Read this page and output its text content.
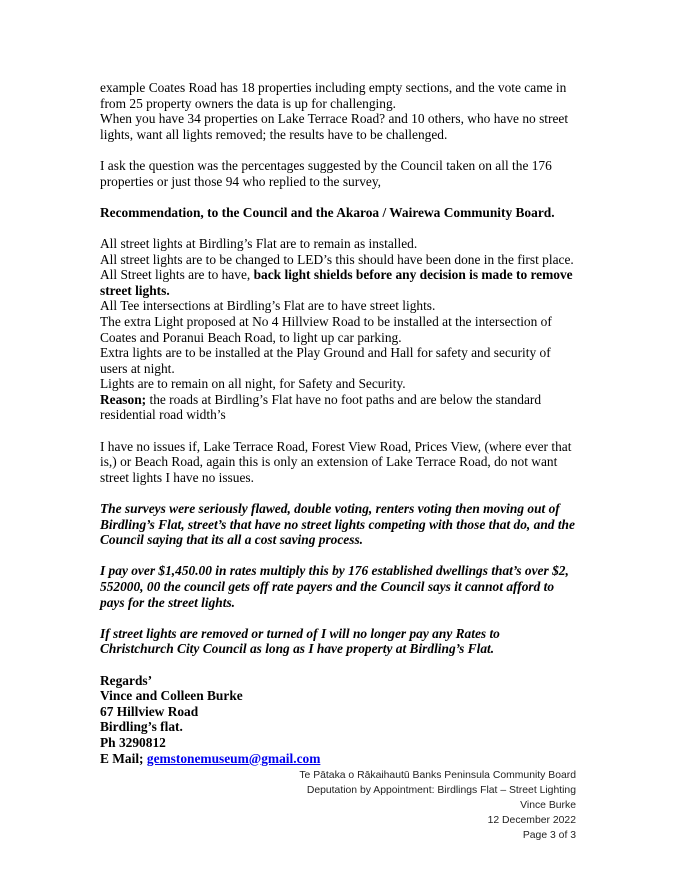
example Coates Road has 18 properties including empty sections, and the vote came in from 25 property owners the data is up for challenging.

When you have 34 properties on Lake Terrace Road? and 10 others, who have no street lights, want all lights removed; the results have to be challenged.

I ask the question was the percentages suggested by the Council taken on all the 176 properties or just those 94 who replied to the survey,

Recommendation, to the Council and the Akaroa / Wairewa Community Board.

All street lights at Birdling’s Flat are to remain as installed.

All street lights are to be changed to LED’s this should have been done in the first place.

All Street lights are to have, back light shields before any decision is made to remove street lights.

All Tee intersections at Birdling’s Flat are to have street lights.

The extra Light proposed at No 4 Hillview Road to be installed at the intersection of Coates and Poranui Beach Road, to light up car parking.

Extra lights are to be installed at the Play Ground and Hall for safety and security of users at night.

Lights are to remain on all night, for Safety and Security.

Reason; the roads at Birdling’s Flat have no foot paths and are below the standard residential road width’s

I have no issues if, Lake Terrace Road, Forest View Road, Prices View, (where ever that is,) or Beach Road, again this is only an extension of Lake Terrace Road, do not want street lights I have no issues.

The surveys were seriously flawed, double voting, renters voting then moving out of Birdling’s Flat, street’s that have no street lights competing with those that do, and the Council saying that its all a cost saving process.

I pay over $1,450.00 in rates multiply this by 176 established dwellings that’s over $2, 552000, 00 the council gets off rate payers and the Council says it cannot afford to pays for the street lights.

If street lights are removed or turned of I will no longer pay any Rates to Christchurch City Council as long as I have property at Birdling’s Flat.

Regards’

Vince and Colleen Burke

67 Hillview Road

Birdling’s flat.

Ph 3290812

E Mail; gemstonemuseum@gmail.com

Te Pātaka o Rākaihautū Banks Peninsula Community Board
Deputation by Appointment: Birdlings Flat – Street Lighting
Vince Burke
12 December 2022
Page 3 of 3
